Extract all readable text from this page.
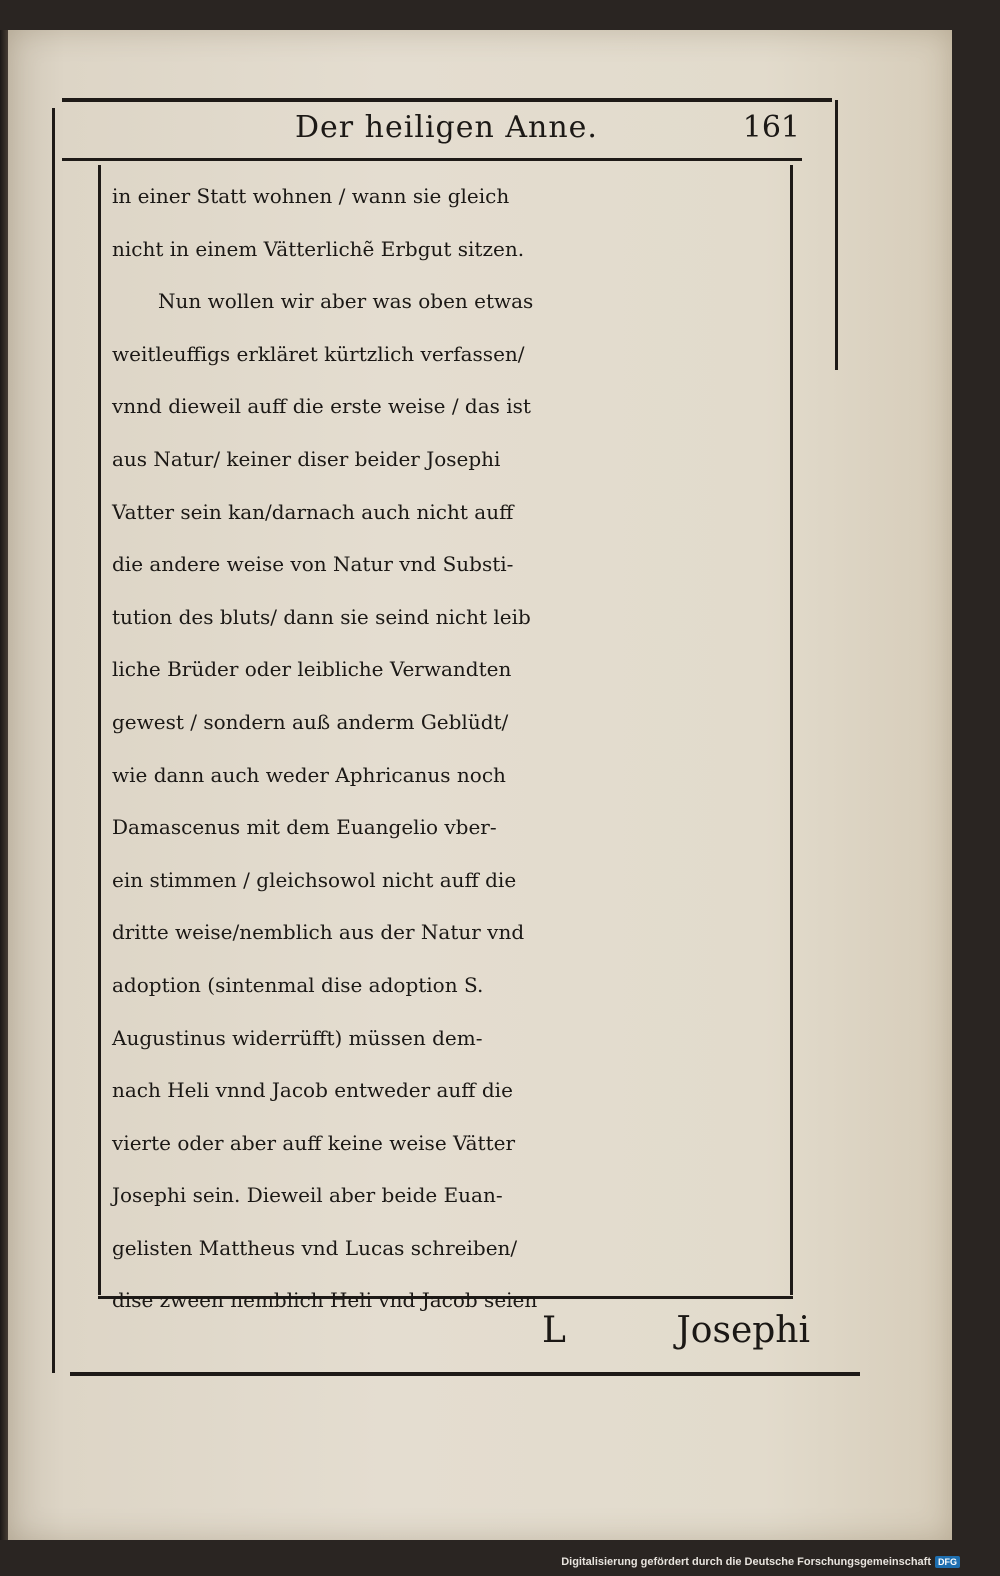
Der heiligen Anne.	161
in einer Statt wohnen / wann sie gleich
nicht in einem Vätterlichẽ Erbgut sitzen.
Nun wollen wir aber was oben etwas
weitleuffigs erkläret kürtzlich verfassen/
vnnd dieweil auff die erste weise / das ist
aus Natur/ keiner diser beider Josephi
Vatter sein kan/darnach auch nicht auff
die andere weise von Natur vnd Substi-
tution des bluts/ dann sie seind nicht leib
liche Brüder oder leibliche Verwandten
gewest / sondern auß anderm Geblüdt/
wie dann auch weder Aphricanus noch
Damascenus mit dem Euangelio vber-
ein stimmen / gleichsowol nicht auff die
dritte weise/nemblich aus der Natur vnd
adoption (sintenmal dise adoption S.
Augustinus widerrüfft) müssen dem-
nach Heli vnnd Jacob entweder auff die
vierte oder aber auff keine weise Vätter
Josephi sein. Dieweil aber beide Euan-
gelisten Mattheus vnd Lucas schreiben/
dise zween nemblich Heli vnd Jacob seien
L	Josephi
Digitalisierung gefördert durch die Deutsche Forschungsgemeinschaft DFG
